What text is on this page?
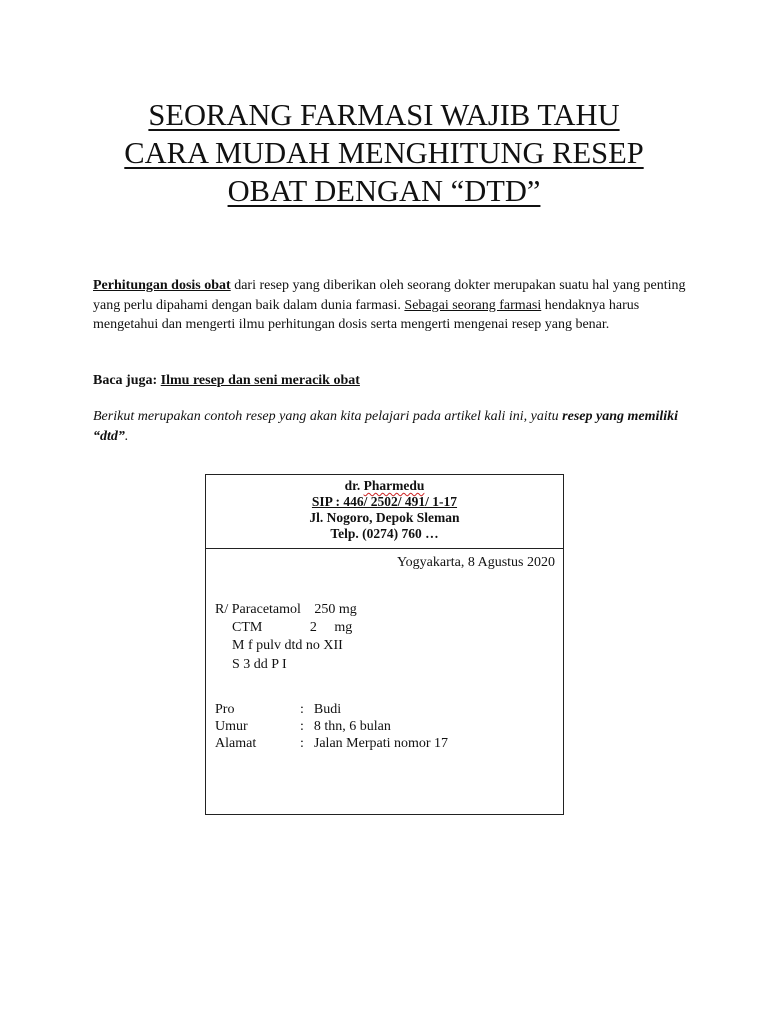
SEORANG FARMASI WAJIB TAHU
CARA MUDAH MENGHITUNG RESEP
OBAT DENGAN “DTD”

Perhitungan dosis obat dari resep yang diberikan oleh seorang dokter merupakan suatu hal yang penting yang perlu dipahami dengan baik dalam dunia farmasi. Sebagai seorang farmasi hendaknya harus mengetahui dan mengerti ilmu perhitungan dosis serta mengerti mengenai resep yang benar.

Baca juga: Ilmu resep dan seni meracik obat

Berikut merupakan contoh resep yang akan kita pelajari pada artikel kali ini, yaitu resep yang memiliki “dtd”.

dr. Pharmedu
SIP : 446/ 2502/ 491/ 1-17
Jl. Nogoro, Depok Sleman
Telp. (0274) 760 …
Yogyakarta, 8 Agustus 2020
R/ Paracetamol 250 mg
CTM	2     mg
M f pulv dtd no XII
S 3 dd P I
Pro	: Budi
Umur	: 8 thn, 6 bulan
Alamat	: Jalan Merpati nomor 17
